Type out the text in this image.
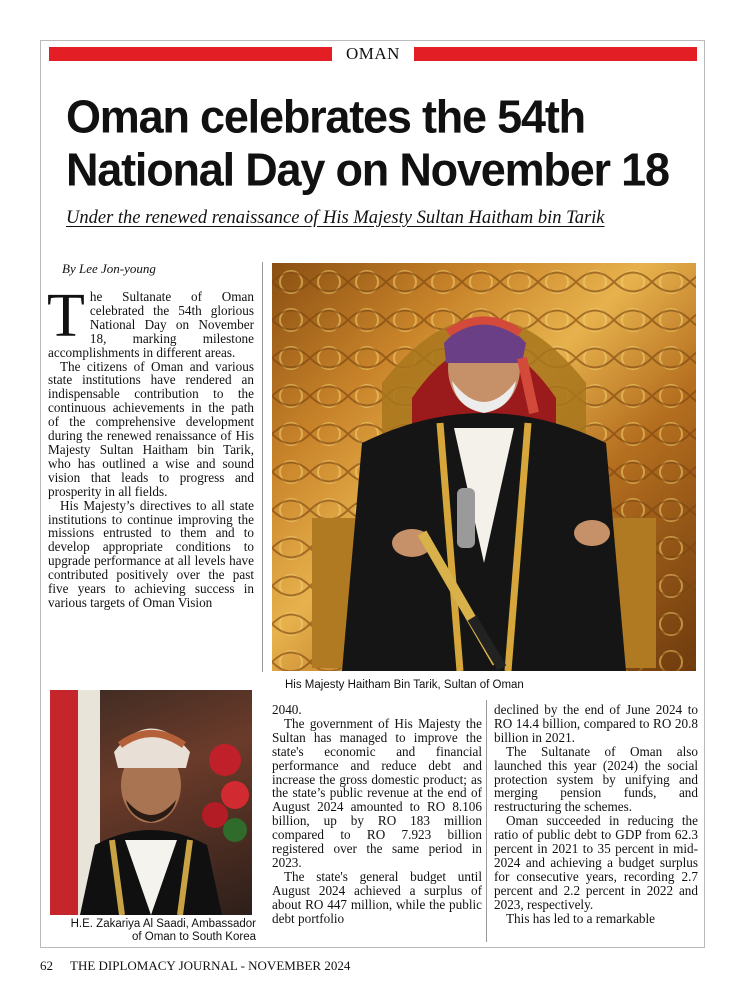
OMAN
Oman celebrates the 54th National Day on November 18
Under the renewed renaissance of His Majesty Sultan Haitham bin Tarik
By Lee Jon-young

The Sultanate of Oman celebrated the 54th glorious National Day on November 18, marking milestone accomplishments in different areas.

The citizens of Oman and various state institutions have rendered an indispensable contribution to the continuous achievements in the path of the comprehensive development during the renewed renaissance of His Majesty Sultan Haitham bin Tarik, who has outlined a wise and sound vision that leads to progress and prosperity in all fields.

His Majesty’s directives to all state institutions to continue improving the missions entrusted to them and to develop appropriate conditions to upgrade performance at all levels have contributed positively over the past five years to achieving success in various targets of Oman Vision

His Majesty Haitham Bin Tarik, Sultan of Oman
H.E. Zakariya Al Saadi, Ambassador
of Oman to South Korea

2040.

The government of His Majesty the Sultan has managed to improve the state's economic and financial performance and reduce debt and increase the gross domestic product; as the state’s public revenue at the end of August 2024 amounted to RO 8.106 billion, up by RO 183 million compared to RO 7.923 billion registered over the same period in 2023.

The state's general budget until August 2024 achieved a surplus of about RO 447 million, while the public debt portfolio

declined by the end of June 2024 to RO 14.4 billion, compared to RO 20.8 billion in 2021.

The Sultanate of Oman also launched this year (2024) the social protection system by unifying and merging pension funds, and restructuring the schemes.

Oman succeeded in reducing the ratio of public debt to GDP from 62.3 percent in 2021 to 35 percent in mid-2024 and achieving a budget surplus for consecutive years, recording 2.7 percent and 2.2 percent in 2022 and 2023, respectively.

This has led to a remarkable

62 THE DIPLOMACY JOURNAL - NOVEMBER 2024
